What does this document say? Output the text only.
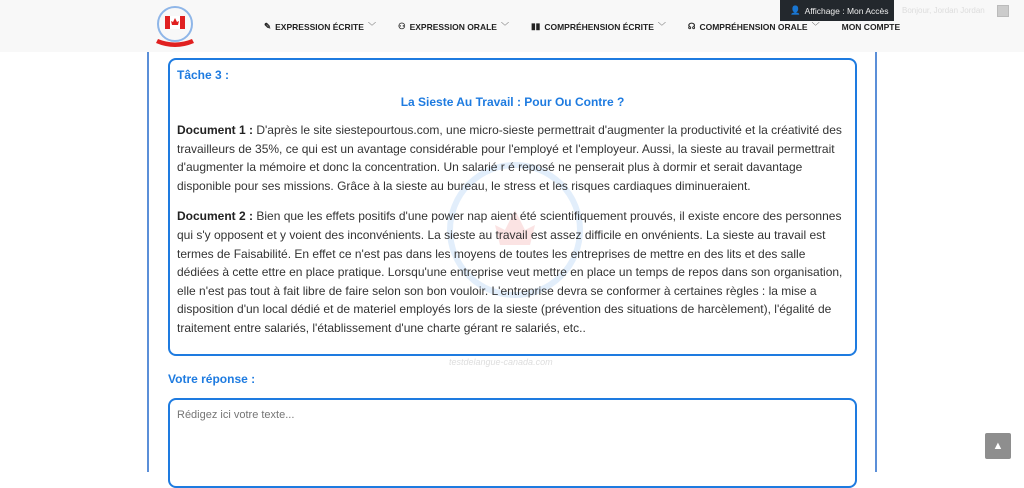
✎ EXPRESSION ÉCRITE ﹀	⚇ EXPRESSION ORALE ﹀	▮▮ COMPRÉHENSION ÉCRITE ﹀	☊ COMPRÉHENSION ORALE ﹀	MON COMPTE
👤 Affichage : Mon Accès Bonjour, Jordan Jordan
Tâche 3 :
La Sieste Au Travail : Pour Ou Contre ?

Document 1 : D'après le site siestepourtous.com, une micro-sieste permettrait d'augmenter la productivité et la créativité des travailleurs de 35%, ce qui est un avantage considérable pour l'employé et l'employeur. Aussi, la sieste au travail permettrait d'augmenter la mémoire et donc la concentration. Un salarié r é reposé ne penserait plus à dormir et serait davantage disponible pour ses missions. Grâce à la sieste au bureau, le stress et les risques cardiaques diminueraient.

Document 2 : Bien que les effets positifs d'une power nap aient été scientifiquement prouvés, il existe encore des personnes qui s'y opposent et y voient des inconvénients. La sieste au travail est assez difficile en onvénients. La sieste au travail est termes de Faisabilité. En effet ce n'est pas dans les moyens de toutes les entreprises de mettre en des lits et des salle dédiées à cette ettre en place pratique. Lorsqu'une entreprise veut mettre en place un temps de repos dans son organisation, elle n'est pas tout à fait libre de faire selon son bon vouloir. L'entreprise devra se conformer à certaines règles : la mise a disposition d'un local dédié et de materiel employés lors de la sieste (prévention des situations de harcèlement), l'égalité de traitement entre salariés, l'établissement d'une charte gérant re salariés, etc..

testdelangue-canada.com
Votre réponse :
Rédigez ici votre texte...
▲
